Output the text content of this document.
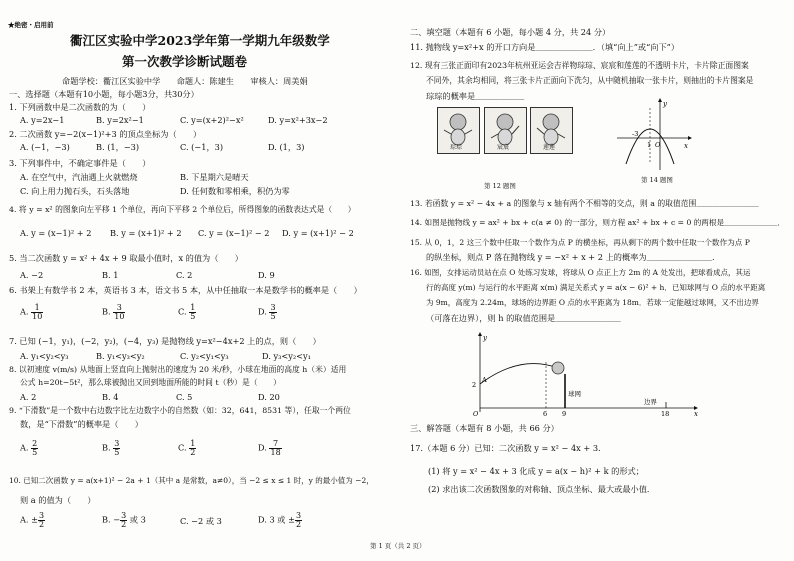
★绝密・启用前
衢江区实验中学2023学年第一学期九年级数学
第一次教学诊断试题卷
命题学校：衢江区实验中学　　命题人：陈建生　　审核人：周美娟
一、选择题（本题有10小题，每小题3分，共30分）
1. 下列函数中是二次函数的为（　　）
A. y=2x−1	B. y=2x²−1	C. y=(x+2)²−x²	D. y=x²+3x−2
2. 二次函数 y=−2(x−1)²+3 的顶点坐标为（　　）
A. (−1，−3)	B. (1，−3)	C. (−1，3)	D. (1，3)
3. 下列事件中，不确定事件是（　　）
A. 在空气中，汽油遇上火就燃烧	B. 下星期六是晴天
C. 向上用力抛石头，石头落地	D. 任何数和零相乘，积仍为零
4. 将 y = x² 的图象向左平移 1 个单位，再向下平移 2 个单位后，所得图象的函数表达式是（　　）
A. y = (x−1)² + 2 B. y = (x+1)² + 2 C. y = (x−1)² − 2 D. y = (x+1)² − 2
5. 当二次函数 y = x² + 4x + 9 取最小值时，x 的值为（　　）
A. −2	B. 1	C. 2	D. 9
6. 书架上有数学书 2 本，英语书 3 本，语文书 5 本，从中任抽取一本是数学书的概率是（　　）
A. $\frac{1}{10}$	B. $\frac{3}{10}$	C. $\frac{1}{5}$	D. $\frac{3}{5}$
7. 已知 (−1，y₁)，(−2，y₂)，(−4，y₃) 是抛物线 y=x²−4x+2 上的点，则（　　）
A. y₁<y₂<y₃	B. y₁<y₃<y₂	C. y₂<y₁<y₃	D. y₃<y₂<y₁
8. 以初速度 v(m/s) 从地面上竖直向上抛射出的速度为 20 米/秒，小球在地面的高度 h（米）适用
公式 h=20t−5t²，那么球被抛出又回到地面所能的时间 t（秒）是（　　）
A. 2	B. 4	C. 5	D. 20
9. “下滑数”是一个数中右边数字比左边数字小的自然数（如：32，641，8531 等），任取一个两位
数，是“下滑数”的概率是（　　）
A. $\frac{2}{5}$	B. $\frac{3}{5}$	C. $\frac{1}{2}$	D. $\frac{7}{18}$
10. 已知二次函数 y = a(x+1)² − 2a + 1（其中 a 是常数，a≠0），当 −2 ≤ x ≤ 1 时，y 的最小值为 −2，
则 a 的值为（　　）
A. ± $\frac{3}{2}$	B. − $\frac{3}{2}$ 或 3	C. −2 或 3	D. 3 或 ± $\frac{3}{2}$
二、填空题（本题有 6 小题，每小题 4 分，共 24 分）
11. 抛物线 y=x²+x 的开口方向是＿＿＿＿＿＿＿．（填“向上”或“向下”）
12. 现有三张正面印有2023年杭州亚运会吉祥物琮琮、宸宸和莲莲的不透明卡片，卡片除正面图案
不同外，其余均相同，将三张卡片正面向下洗匀，从中随机抽取一张卡片，则抽出的卡片图案是
琮琮的概率是＿＿＿＿＿＿
琮琮	宸宸	莲莲
第 12 题图
y
x
-3
1 O
第 14 题图
13. 若函数 y = x² − 4x + a 的图象与 x 轴有两个不相等的交点，则 a 的取值范围＿＿＿＿＿＿＿＿
14. 如图是抛物线 y = ax² + bx + c(a ≠ 0) 的一部分，则方程 ax² + bx + c = 0 的两根是＿＿＿＿＿＿＿．
15. 从 0，1，2 这三个数中任取一个数作为点 P 的横坐标，再从剩下的两个数中任取一个数作为点 P
的纵坐标，则点 P 落在抛物线 y = −x² + x + 2 上的概率为＿＿＿＿＿＿＿＿．
16. 如图，女排运动员站在点 O 处练习发球，将球从 O 点正上方 2m 的 A 处发出，把球看成点，其运
行的高度 y(m) 与运行的水平距离 x(m) 满足关系式 y = a(x − 6)² + h．已知球网与 O 点的水平距离
为 9m，高度为 2.24m，球场的边界距 O 点的水平距离为 18m．若球一定能越过球网，又不出边界
（可落在边界），则 h 的取值范围是＿＿＿＿＿＿＿＿
y
A
2
O	6 9	18	x
球网
边界
三、解答题（本题有 8 小题，共 66 分）
17.（本题 6 分）已知：二次函数 y = x² − 4x + 3.
(1) 将 y = x² − 4x + 3 化成 y = a(x − h)² + k 的形式；
(2) 求出该二次函数图象的对称轴、顶点坐标、最大或最小值．
第 1 页（共 2 页）
